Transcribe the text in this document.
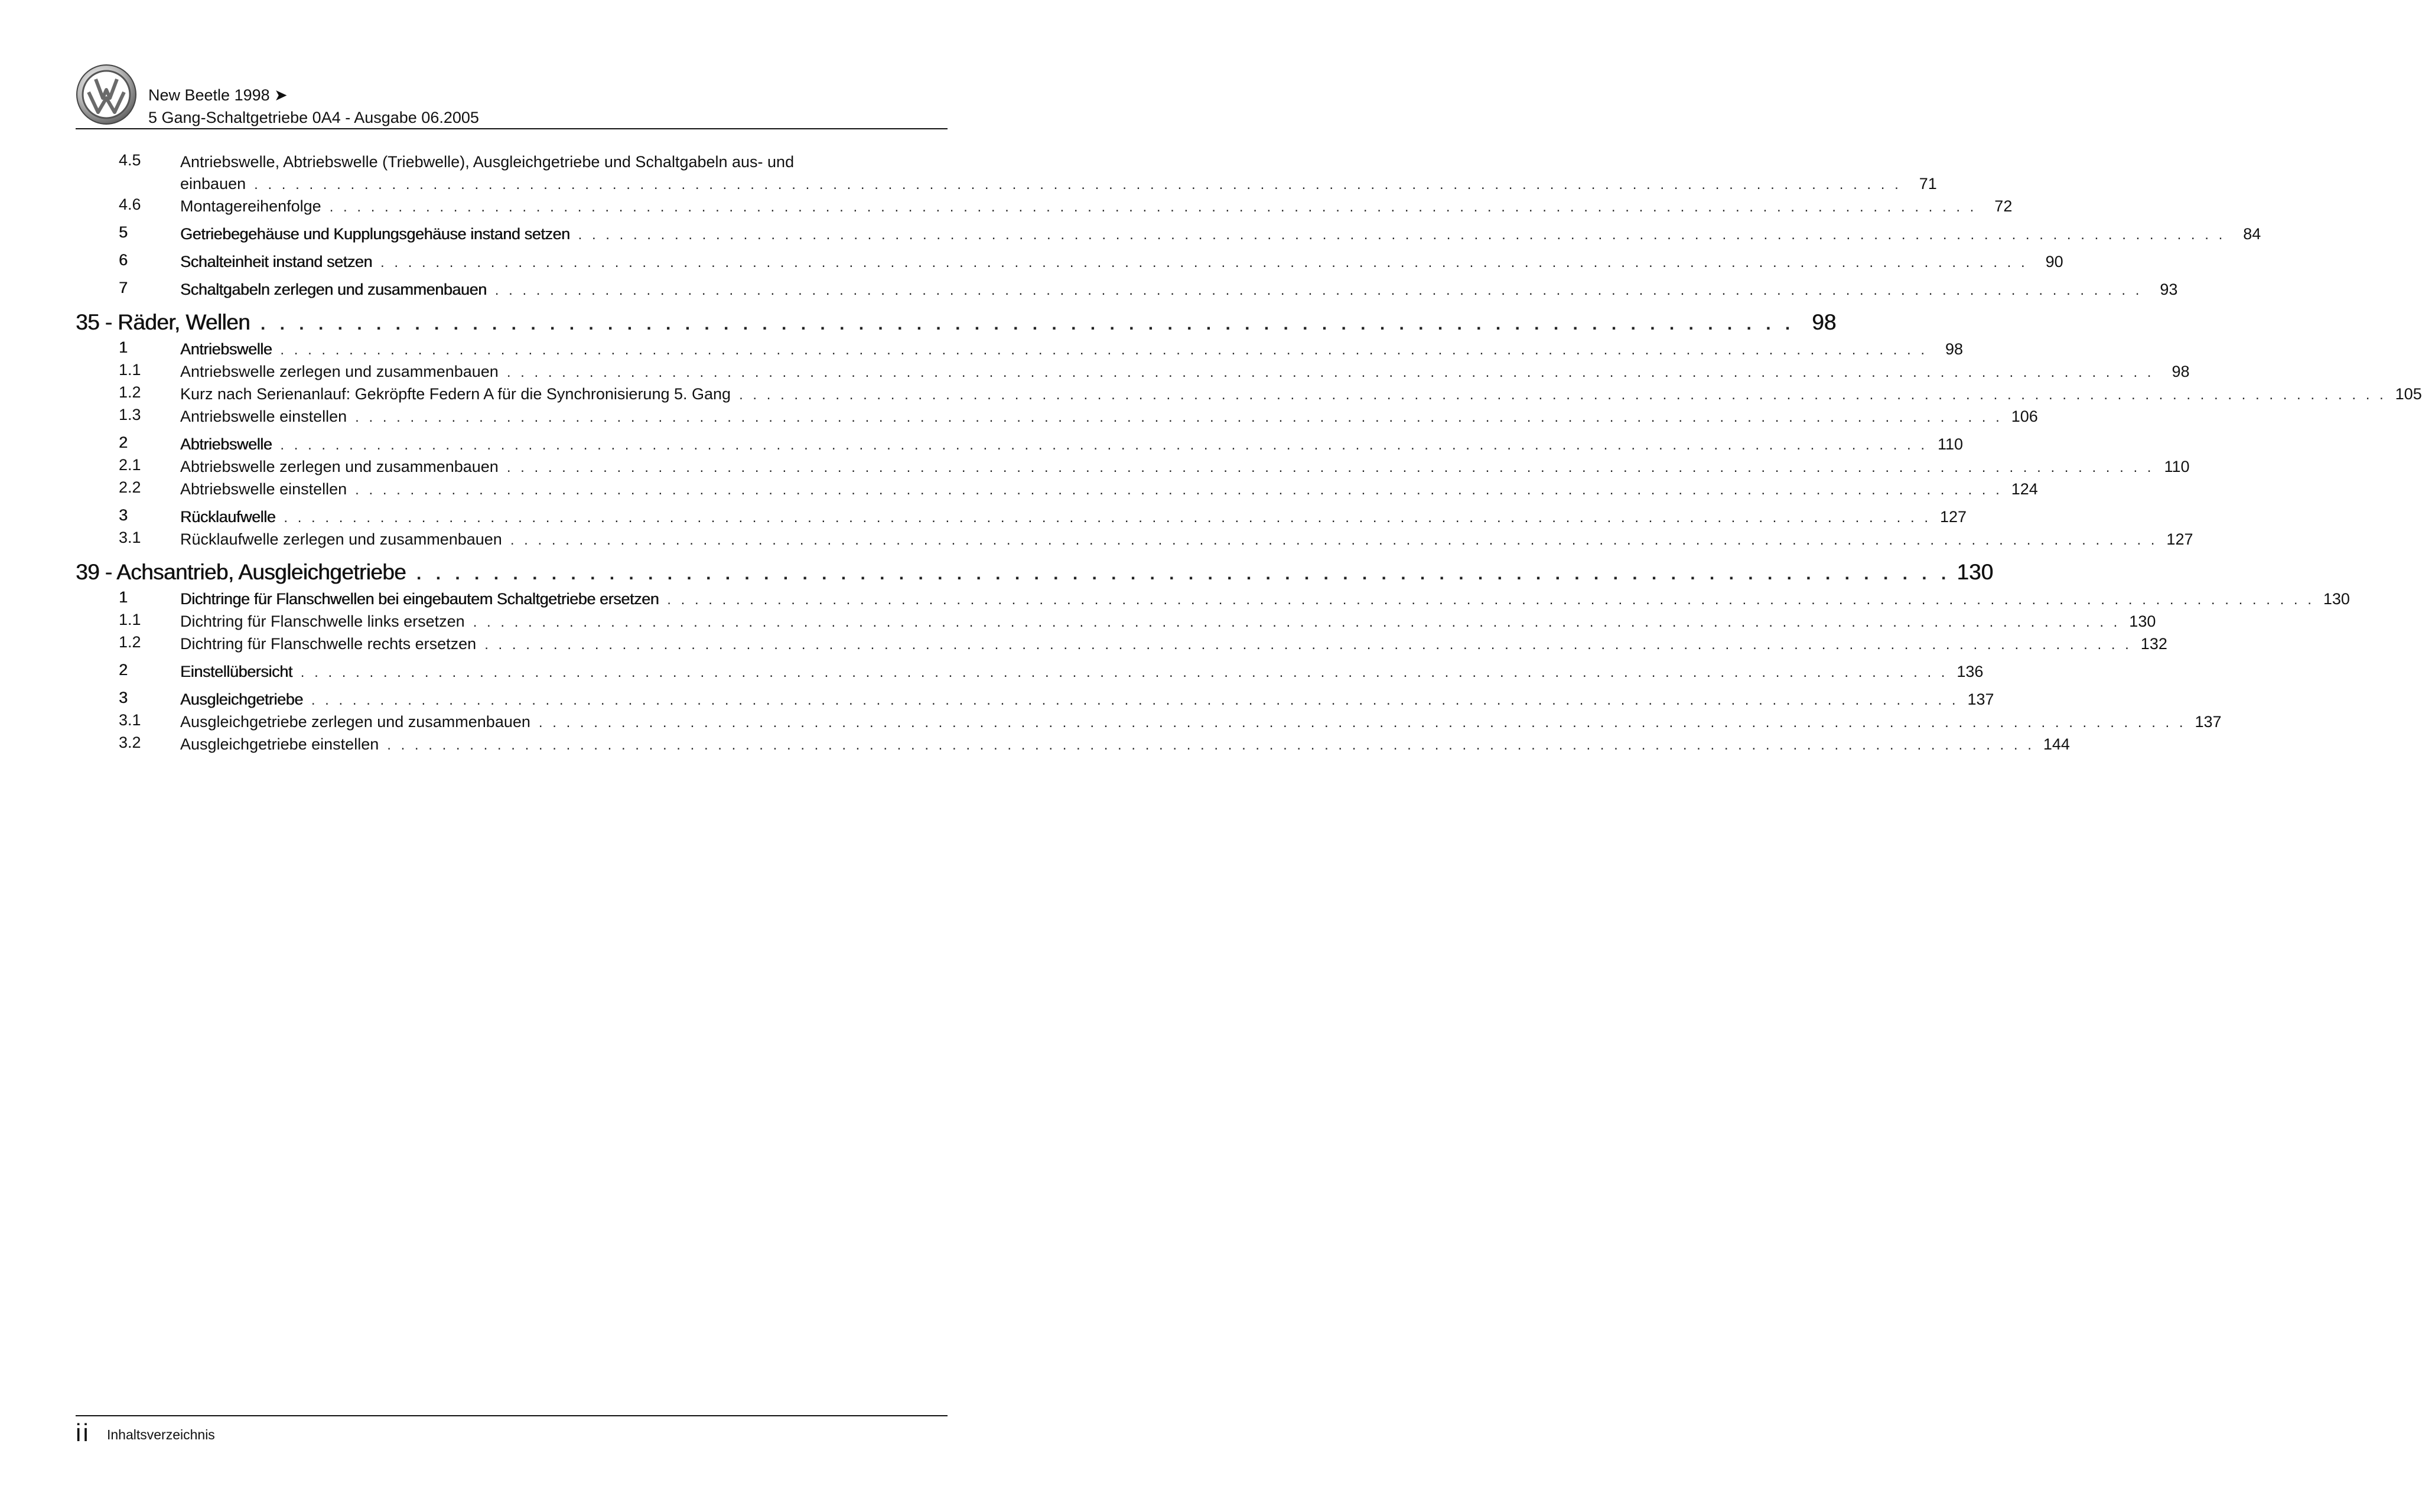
New Beetle 1998 ➤
5 Gang-Schaltgetriebe 0A4 - Ausgabe 06.2005
4.5 Antriebswelle, Abtriebswelle (Triebwelle), Ausgleichgetriebe und Schaltgabeln aus- und
einbauen . . . . . . . . . . . . . . . . . . . . . . . . . . . . . . . . . . . . . . . . . . . . . . . . . . . . . . . . . . . . . . . . . . . . . . . . . . . . . . . . . . . . . . . . . . . . . . . . . . . . . . . . . . . . . . . . . . . . . . . .	71
4.6 Montagereihenfolge . . . . . . . . . . . . . . . . . . . . . . . . . . . . . . . . . . . . . . . . . . . . . . . . . . . . . . . . . . . . . . . . . . . . . . . . . . . . . . . . . . . . . . . . . . . . . . . . . . . . . . . . . . . . . . . . . . . . . . . .	72
5	Getriebegehäuse und Kupplungsgehäuse instand setzen . . . . . . . . . . . . . . . . . . . . . . . . . . . . . . . . . . . . . . . . . . . . . . . . . . . . . . . . . . . . . . . . . . . . . . . . . . . . . . . . . . . . . . . . . . . . . . . . . . . . . . . . . . . . . . . . . . . . . . . .	84
6	Schalteinheit instand setzen . . . . . . . . . . . . . . . . . . . . . . . . . . . . . . . . . . . . . . . . . . . . . . . . . . . . . . . . . . . . . . . . . . . . . . . . . . . . . . . . . . . . . . . . . . . . . . . . . . . . . . . . . . . . . . . . . . . . . . . .	90
7	Schaltgabeln zerlegen und zusammenbauen . . . . . . . . . . . . . . . . . . . . . . . . . . . . . . . . . . . . . . . . . . . . . . . . . . . . . . . . . . . . . . . . . . . . . . . . . . . . . . . . . . . . . . . . . . . . . . . . . . . . . . . . . . . . . . . . . . . . . . . .	93
35 - Räder, Wellen . . . . . . . . . . . . . . . . . . . . . . . . . . . . . . . . . . . . . . . . . . . . . . . . . . . . . . . . . . . . . . . . . . . . . . . . . . . . . . . . 98
1	Antriebswelle . . . . . . . . . . . . . . . . . . . . . . . . . . . . . . . . . . . . . . . . . . . . . . . . . . . . . . . . . . . . . . . . . . . . . . . . . . . . . . . . . . . . . . . . . . . . . . . . . . . . . . . . . . . . . . . . . . . . . . . .	98
1.1 Antriebswelle zerlegen und zusammenbauen . . . . . . . . . . . . . . . . . . . . . . . . . . . . . . . . . . . . . . . . . . . . . . . . . . . . . . . . . . . . . . . . . . . . . . . . . . . . . . . . . . . . . . . . . . . . . . . . . . . . . . . . . . . . . . . . . . . . . . . .	98
1.2 Kurz nach Serienanlauf: Gekröpfte Federn A für die Synchronisierung 5. Gang . . . . . . . . . . . . . . . . . . . . . . . . . . . . . . . . . . . . . . . . . . . . . . . . . . . . . . . . . . . . . . . . . . . . . . . . . . . . . . . . . . . . . . . . . . . . . . . . . . . . . . . . . . . . . . . . . . . . . . . . 105
1.3 Antriebswelle einstellen . . . . . . . . . . . . . . . . . . . . . . . . . . . . . . . . . . . . . . . . . . . . . . . . . . . . . . . . . . . . . . . . . . . . . . . . . . . . . . . . . . . . . . . . . . . . . . . . . . . . . . . . . . . . . . . . . . . . . . . . 106
2	Abtriebswelle . . . . . . . . . . . . . . . . . . . . . . . . . . . . . . . . . . . . . . . . . . . . . . . . . . . . . . . . . . . . . . . . . . . . . . . . . . . . . . . . . . . . . . . . . . . . . . . . . . . . . . . . . . . . . . . . . . . . . . . . 110
2.1 Abtriebswelle zerlegen und zusammenbauen . . . . . . . . . . . . . . . . . . . . . . . . . . . . . . . . . . . . . . . . . . . . . . . . . . . . . . . . . . . . . . . . . . . . . . . . . . . . . . . . . . . . . . . . . . . . . . . . . . . . . . . . . . . . . . . . . . . . . . . . 110
2.2 Abtriebswelle einstellen . . . . . . . . . . . . . . . . . . . . . . . . . . . . . . . . . . . . . . . . . . . . . . . . . . . . . . . . . . . . . . . . . . . . . . . . . . . . . . . . . . . . . . . . . . . . . . . . . . . . . . . . . . . . . . . . . . . . . . . . 124
3	Rücklaufwelle . . . . . . . . . . . . . . . . . . . . . . . . . . . . . . . . . . . . . . . . . . . . . . . . . . . . . . . . . . . . . . . . . . . . . . . . . . . . . . . . . . . . . . . . . . . . . . . . . . . . . . . . . . . . . . . . . . . . . . . . 127
3.1 Rücklaufwelle zerlegen und zusammenbauen . . . . . . . . . . . . . . . . . . . . . . . . . . . . . . . . . . . . . . . . . . . . . . . . . . . . . . . . . . . . . . . . . . . . . . . . . . . . . . . . . . . . . . . . . . . . . . . . . . . . . . . . . . . . . . . . . . . . . . . . 127
39 - Achsantrieb, Ausgleichgetriebe . . . . . . . . . . . . . . . . . . . . . . . . . . . . . . . . . . . . . . . . . . . . . . . . . . . . . . . . . . . . . . . . . . . . . . . . . . . . . . . . 130
1	Dichtringe für Flanschwellen bei eingebautem Schaltgetriebe ersetzen . . . . . . . . . . . . . . . . . . . . . . . . . . . . . . . . . . . . . . . . . . . . . . . . . . . . . . . . . . . . . . . . . . . . . . . . . . . . . . . . . . . . . . . . . . . . . . . . . . . . . . . . . . . . . . . . . . . . . . . . 130
1.1 Dichtring für Flanschwelle links ersetzen . . . . . . . . . . . . . . . . . . . . . . . . . . . . . . . . . . . . . . . . . . . . . . . . . . . . . . . . . . . . . . . . . . . . . . . . . . . . . . . . . . . . . . . . . . . . . . . . . . . . . . . . . . . . . . . . . . . . . . . . 130
1.2 Dichtring für Flanschwelle rechts ersetzen . . . . . . . . . . . . . . . . . . . . . . . . . . . . . . . . . . . . . . . . . . . . . . . . . . . . . . . . . . . . . . . . . . . . . . . . . . . . . . . . . . . . . . . . . . . . . . . . . . . . . . . . . . . . . . . . . . . . . . . . 132
2	Einstellübersicht . . . . . . . . . . . . . . . . . . . . . . . . . . . . . . . . . . . . . . . . . . . . . . . . . . . . . . . . . . . . . . . . . . . . . . . . . . . . . . . . . . . . . . . . . . . . . . . . . . . . . . . . . . . . . . . . . . . . . . . . 136
3	Ausgleichgetriebe . . . . . . . . . . . . . . . . . . . . . . . . . . . . . . . . . . . . . . . . . . . . . . . . . . . . . . . . . . . . . . . . . . . . . . . . . . . . . . . . . . . . . . . . . . . . . . . . . . . . . . . . . . . . . . . . . . . . . . . . 137
3.1 Ausgleichgetriebe zerlegen und zusammenbauen . . . . . . . . . . . . . . . . . . . . . . . . . . . . . . . . . . . . . . . . . . . . . . . . . . . . . . . . . . . . . . . . . . . . . . . . . . . . . . . . . . . . . . . . . . . . . . . . . . . . . . . . . . . . . . . . . . . . . . . . 137
3.2 Ausgleichgetriebe einstellen . . . . . . . . . . . . . . . . . . . . . . . . . . . . . . . . . . . . . . . . . . . . . . . . . . . . . . . . . . . . . . . . . . . . . . . . . . . . . . . . . . . . . . . . . . . . . . . . . . . . . . . . . . . . . . . . . . . . . . . . 144
ii Inhaltsverzeichnis
